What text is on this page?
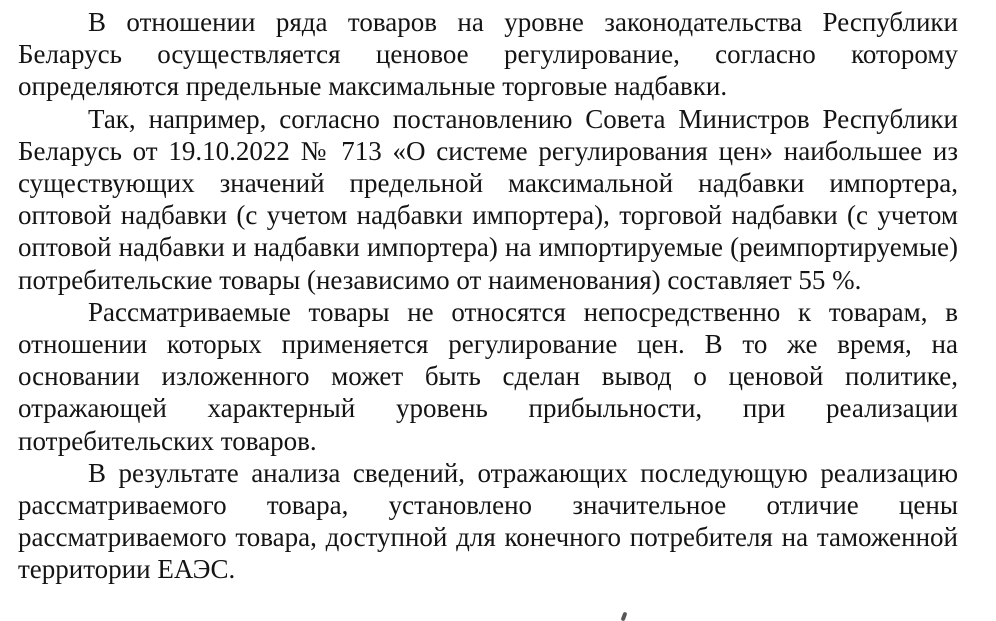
В отношении ряда товаров на уровне законодательства Республики Беларусь осуществляется ценовое регулирование, согласно которому определяются предельные максимальные торговые надбавки.

Так, например, согласно постановлению Совета Министров Республики Беларусь от 19.10.2022 № 713 «О системе регулирования цен» наибольшее из существующих значений предельной максимальной надбавки импортера, оптовой надбавки (с учетом надбавки импортера), торговой надбавки (с учетом оптовой надбавки и надбавки импортера) на импортируемые (реимпортируемые) потребительские товары (независимо от наименования) составляет 55 %.

Рассматриваемые товары не относятся непосредственно к товарам, в отношении которых применяется регулирование цен. В то же время, на основании изложенного может быть сделан вывод о ценовой политике, отражающей характерный уровень прибыльности, при реализации потребительских товаров.

В результате анализа сведений, отражающих последующую реализацию рассматриваемого товара, установлено значительное отличие цены рассматриваемого товара, доступной для конечного потребителя на таможенной территории ЕАЭС.
